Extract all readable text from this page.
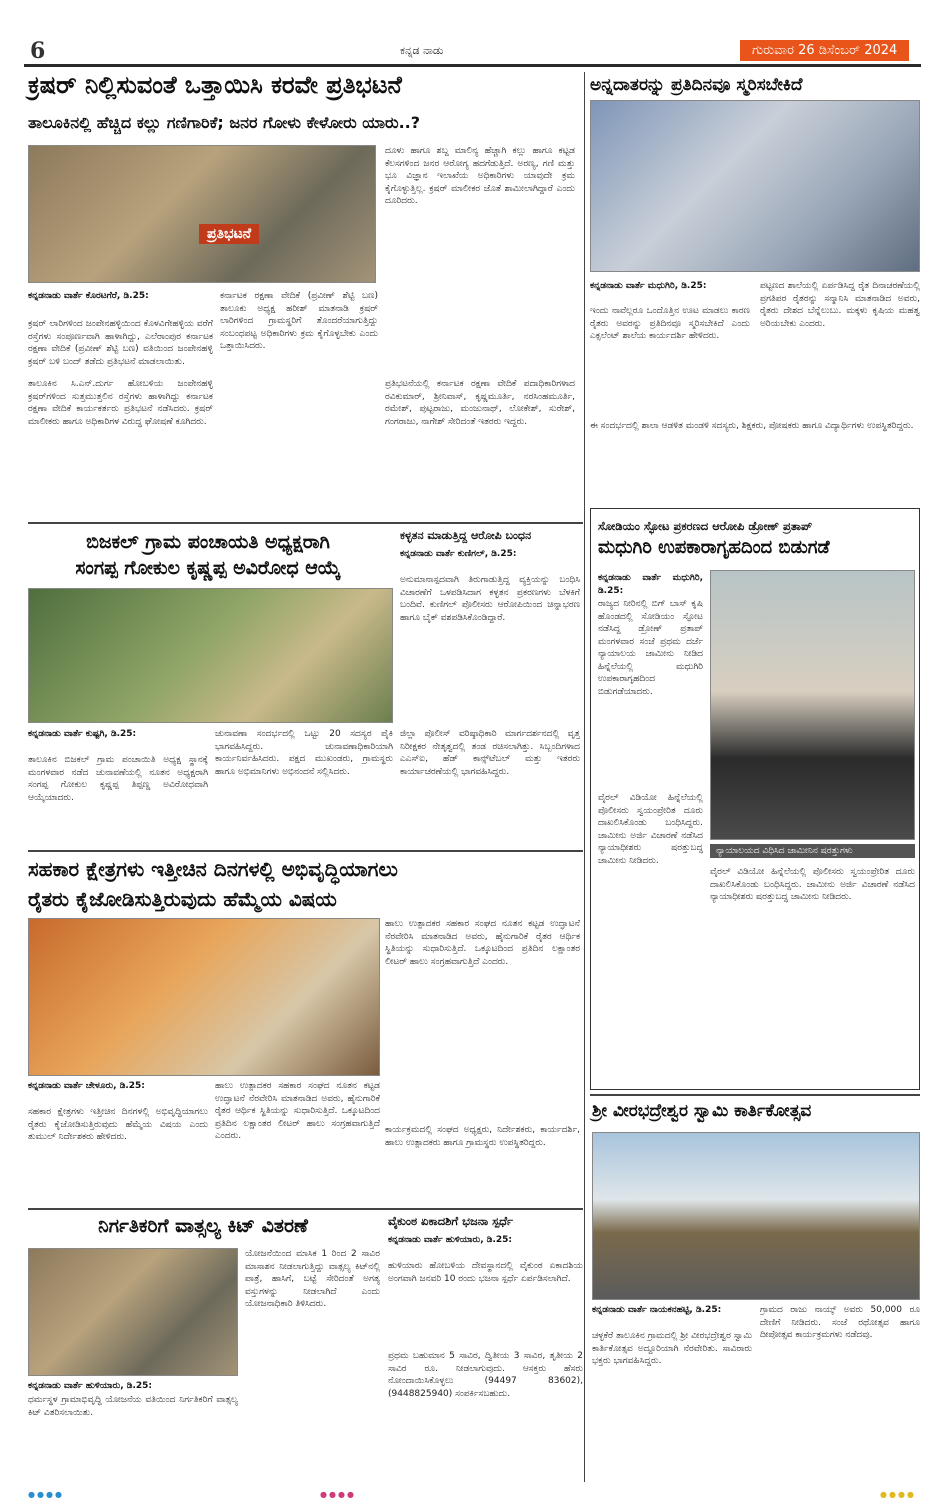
6	ಕನ್ನಡ ನಾಡು	ಗುರುವಾರ 26 ಡಿಸೆಂಬರ್ 2024
ಕ್ರಷರ್ ನಿಲ್ಲಿಸುವಂತೆ ಒತ್ತಾಯಿಸಿ ಕರವೇ ಪ್ರತಿಭಟನೆ
ತಾಲೂಕಿನಲ್ಲಿ ಹೆಚ್ಚಿದ ಕಲ್ಲು ಗಣಿಗಾರಿಕೆ; ಜನರ ಗೋಳು ಕೇಳೋರು ಯಾರು..?
ಪ್ರತಿಭಟನೆ
ದೂಳು ಹಾಗೂ ಶಬ್ದ ಮಾಲಿನ್ಯ ಹೆಚ್ಚಾಗಿ ಕಲ್ಲು ಹಾಗೂ ಕಟ್ಟಡ ಕೆಲಸಗಳಿಂದ ಜನರ ಆರೋಗ್ಯ ಹದಗೆಡುತ್ತಿದೆ. ಅರಣ್ಯ, ಗಣಿ ಮತ್ತು ಭೂ ವಿಜ್ಞಾನ ಇಲಾಖೆಯ ಅಧಿಕಾರಿಗಳು ಯಾವುದೇ ಕ್ರಮ ಕೈಗೊಳ್ಳುತ್ತಿಲ್ಲ. ಕ್ರಷರ್ ಮಾಲೀಕರ ಜೊತೆ ಶಾಮೀಲಾಗಿದ್ದಾರೆ ಎಂದು ದೂರಿದರು.
ಕನ್ನಡನಾಡು ವಾರ್ತೆ ಕೊರಟಗೆರೆ, ಡಿ.25:
ಕ್ರಷರ್ ಲಾರಿಗಳಿಂದ ಜಂಪೇನಹಳ್ಳಿಯಿಂದ ಕೊಳವಿಗೇಹಳ್ಳಿಯ ವರೆಗೆ ರಸ್ತೆಗಳು ಸಂಪೂರ್ಣವಾಗಿ ಹಾಳಾಗಿದ್ದು, ಎಲೆರಾಂಪುರ ಕರ್ನಾಟಕ ರಕ್ಷಣಾ ವೇದಿಕೆ (ಪ್ರವೀಣ್ ಶೆಟ್ಟಿ ಬಣ) ವತಿಯಿಂದ ಜಂಪೇನಹಳ್ಳಿ ಕ್ರಷರ್ ಬಳಿ ಬಂದ್ ತಡೆದು ಪ್ರತಿಭಟನೆ ಮಾಡಲಾಯಿತು.
ತಾಲೂಕಿನ ಸಿ.ಎನ್.ದುರ್ಗ ಹೋಬಳಿಯ ಜಂಪೇನಹಳ್ಳಿ ಕ್ರಷರ್‌ಗಳಿಂದ ಸುತ್ತಮುತ್ತಲಿನ ರಸ್ತೆಗಳು ಹಾಳಾಗಿದ್ದು ಕರ್ನಾಟಕ ರಕ್ಷಣಾ ವೇದಿಕೆ ಕಾರ್ಯಕರ್ತರು ಪ್ರತಿಭಟನೆ ನಡೆಸಿದರು. ಕ್ರಷರ್ ಮಾಲೀಕರು ಹಾಗೂ ಅಧಿಕಾರಿಗಳ ವಿರುದ್ಧ ಘೋಷಣೆ ಕೂಗಿದರು.
ಕರ್ನಾಟಕ ರಕ್ಷಣಾ ವೇದಿಕೆ (ಪ್ರವೀಣ್ ಶೆಟ್ಟಿ ಬಣ) ತಾಲೂಕು ಅಧ್ಯಕ್ಷ ಹರೀಶ್ ಮಾತನಾಡಿ ಕ್ರಷರ್ ಲಾರಿಗಳಿಂದ ಗ್ರಾಮಸ್ಥರಿಗೆ ತೊಂದರೆಯಾಗುತ್ತಿದ್ದು ಸಂಬಂಧಪಟ್ಟ ಅಧಿಕಾರಿಗಳು ಕ್ರಮ ಕೈಗೊಳ್ಳಬೇಕು ಎಂದು ಒತ್ತಾಯಿಸಿದರು.
ಪ್ರತಿಭಟನೆಯಲ್ಲಿ ಕರ್ನಾಟಕ ರಕ್ಷಣಾ ವೇದಿಕೆ ಪದಾಧಿಕಾರಿಗಳಾದ ರವಿಕುಮಾರ್, ಶ್ರೀನಿವಾಸ್, ಕೃಷ್ಣಮೂರ್ತಿ, ನರಸಿಂಹಮೂರ್ತಿ, ರಮೇಶ್, ಪುಟ್ಟರಾಜು, ಮಂಜುನಾಥ್, ಲೋಕೇಶ್, ಸುರೇಶ್, ಗಂಗರಾಜು, ನಾಗೇಶ್ ಸೇರಿದಂತೆ ಇತರರು ಇದ್ದರು.
ಅನ್ನದಾತರನ್ನು ಪ್ರತಿದಿನವೂ ಸ್ಮರಿಸಬೇಕಿದೆ
ಕನ್ನಡನಾಡು ವಾರ್ತೆ ಮಧುಗಿರಿ, ಡಿ.25:
ಇಂದು ನಾವೆಲ್ಲರೂ ಒಂದೊತ್ತಿನ ಊಟ ಮಾಡಲು ಕಾರಣ ರೈತರು ಅವರನ್ನು ಪ್ರತಿದಿನವೂ ಸ್ಮರಿಸಬೇಕಿದೆ ಎಂದು ಎಕ್ಸಲೆಂಟ್ ಶಾಲೆಯ ಕಾರ್ಯದರ್ಶಿ ಹೇಳಿದರು.
ಪಟ್ಟಣದ ಶಾಲೆಯಲ್ಲಿ ಏರ್ಪಡಿಸಿದ್ದ ರೈತ ದಿನಾಚರಣೆಯಲ್ಲಿ ಪ್ರಗತಿಪರ ರೈತರನ್ನು ಸನ್ಮಾನಿಸಿ ಮಾತನಾಡಿದ ಅವರು, ರೈತರು ದೇಶದ ಬೆನ್ನೆಲುಬು. ಮಕ್ಕಳು ಕೃಷಿಯ ಮಹತ್ವ ಅರಿಯಬೇಕು ಎಂದರು.
ಈ ಸಂದರ್ಭದಲ್ಲಿ ಶಾಲಾ ಆಡಳಿತ ಮಂಡಳಿ ಸದಸ್ಯರು, ಶಿಕ್ಷಕರು, ಪೋಷಕರು ಹಾಗೂ ವಿದ್ಯಾರ್ಥಿಗಳು ಉಪಸ್ಥಿತರಿದ್ದರು.
ಬಿಜಕಲ್ ಗ್ರಾಮ ಪಂಚಾಯತಿ ಅಧ್ಯಕ್ಷರಾಗಿ
ಸಂಗಪ್ಪ ಗೋಕುಲ ಕೃಷ್ಣಪ್ಪ ಅವಿರೋಧ ಆಯ್ಕೆ
ಕನ್ನಡನಾಡು ವಾರ್ತೆ ಕುಷ್ಟಗಿ, ಡಿ.25:
ತಾಲೂಕಿನ ಬಿಜಕಲ್ ಗ್ರಾಮ ಪಂಚಾಯಿತಿ ಅಧ್ಯಕ್ಷ ಸ್ಥಾನಕ್ಕೆ ಮಂಗಳವಾರ ನಡೆದ ಚುನಾವಣೆಯಲ್ಲಿ ನೂತನ ಅಧ್ಯಕ್ಷರಾಗಿ ಸಂಗಪ್ಪ ಗೋಕುಲ ಕೃಷ್ಣಪ್ಪ ತಿಪ್ಪಣ್ಣ ಅವಿರೋಧವಾಗಿ ಆಯ್ಕೆಯಾದರು.
ಚುನಾವಣಾ ಸಂದರ್ಭದಲ್ಲಿ ಒಟ್ಟು 20 ಸದಸ್ಯರ ಪೈಕಿ ಭಾಗವಹಿಸಿದ್ದರು. ಚುನಾವಣಾಧಿಕಾರಿಯಾಗಿ ಕಾರ್ಯನಿರ್ವಹಿಸಿದರು. ಪಕ್ಷದ ಮುಖಂಡರು, ಗ್ರಾಮಸ್ಥರು ಹಾಗೂ ಅಭಿಮಾನಿಗಳು ಅಭಿನಂದನೆ ಸಲ್ಲಿಸಿದರು.
ಕಳ್ಳತನ ಮಾಡುತ್ತಿದ್ದ ಆರೋಪಿ ಬಂಧನ
ಕನ್ನಡನಾಡು ವಾರ್ತೆ ಕುಣಿಗಲ್, ಡಿ.25:
ಅನುಮಾನಾಸ್ಪದವಾಗಿ ತಿರುಗಾಡುತ್ತಿದ್ದ ವ್ಯಕ್ತಿಯನ್ನು ಬಂಧಿಸಿ ವಿಚಾರಣೆಗೆ ಒಳಪಡಿಸಿದಾಗ ಕಳ್ಳತನ ಪ್ರಕರಣಗಳು ಬೆಳಕಿಗೆ ಬಂದಿವೆ. ಕುಣಿಗಲ್ ಪೊಲೀಸರು ಆರೋಪಿಯಿಂದ ಚಿನ್ನಾಭರಣ ಹಾಗೂ ಬೈಕ್ ವಶಪಡಿಸಿಕೊಂಡಿದ್ದಾರೆ.
ಜಿಲ್ಲಾ ಪೊಲೀಸ್ ವರಿಷ್ಠಾಧಿಕಾರಿ ಮಾರ್ಗದರ್ಶನದಲ್ಲಿ ವೃತ್ತ ನಿರೀಕ್ಷಕರ ನೇತೃತ್ವದಲ್ಲಿ ತಂಡ ರಚಿಸಲಾಗಿತ್ತು. ಸಿಬ್ಬಂದಿಗಳಾದ ಎಎಸ್ಐ, ಹೆಡ್ ಕಾನ್ಸ್‌ಟೆಬಲ್ ಮತ್ತು ಇತರರು ಕಾರ್ಯಾಚರಣೆಯಲ್ಲಿ ಭಾಗವಹಿಸಿದ್ದರು.
ಸೋಡಿಯಂ ಸ್ಫೋಟ ಪ್ರಕರಣದ ಆರೋಪಿ ಡ್ರೋಣ್ ಪ್ರತಾಪ್
ಮಧುಗಿರಿ ಉಪಕಾರಾಗೃಹದಿಂದ ಬಿಡುಗಡೆ
ಕನ್ನಡನಾಡು ವಾರ್ತೆ ಮಧುಗಿರಿ, ಡಿ.25:
ರಾಜ್ಯದ ನೀರಿನಲ್ಲಿ ಬಿಗ್ ಬಾಸ್ ಕೃಷಿ ಹೊಂಡದಲ್ಲಿ ಸೋಡಿಯಂ ಸ್ಫೋಟ ನಡೆಸಿದ್ದ ಡ್ರೋಣ್ ಪ್ರತಾಪ್ ಮಂಗಳವಾರ ಸಂಜೆ ಪ್ರಥಮ ದರ್ಜೆ ನ್ಯಾಯಾಲಯ ಜಾಮೀನು ನೀಡಿದ ಹಿನ್ನೆಲೆಯಲ್ಲಿ ಮಧುಗಿರಿ ಉಪಕಾರಾಗೃಹದಿಂದ ಬಿಡುಗಡೆಯಾದರು.
ವೈರಲ್ ವಿಡಿಯೋ ಹಿನ್ನೆಲೆಯಲ್ಲಿ ಪೊಲೀಸರು ಸ್ವಯಂಪ್ರೇರಿತ ದೂರು ದಾಖಲಿಸಿಕೊಂಡು ಬಂಧಿಸಿದ್ದರು. ಜಾಮೀನು ಅರ್ಜಿ ವಿಚಾರಣೆ ನಡೆಸಿದ ನ್ಯಾಯಾಧೀಶರು ಷರತ್ತುಬದ್ಧ ಜಾಮೀನು ನೀಡಿದರು.
ನ್ಯಾಯಾಲಯದ ವಿಧಿಸಿದ ಜಾಮೀನಿನ ಷರತ್ತುಗಳು
ವೈರಲ್ ವಿಡಿಯೋ ಹಿನ್ನೆಲೆಯಲ್ಲಿ ಪೊಲೀಸರು ಸ್ವಯಂಪ್ರೇರಿತ ದೂರು ದಾಖಲಿಸಿಕೊಂಡು ಬಂಧಿಸಿದ್ದರು. ಜಾಮೀನು ಅರ್ಜಿ ವಿಚಾರಣೆ ನಡೆಸಿದ ನ್ಯಾಯಾಧೀಶರು ಷರತ್ತುಬದ್ಧ ಜಾಮೀನು ನೀಡಿದರು.
ಸಹಕಾರ ಕ್ಷೇತ್ರಗಳು ಇತ್ತೀಚಿನ ದಿನಗಳಲ್ಲಿ ಅಭಿವೃದ್ಧಿಯಾಗಲು
ರೈತರು ಕೈಜೋಡಿಸುತ್ತಿರುವುದು ಹೆಮ್ಮೆಯ ವಿಷಯ
ಕನ್ನಡನಾಡು ವಾರ್ತೆ ಚೇಳೂರು, ಡಿ.25:
ಸಹಕಾರ ಕ್ಷೇತ್ರಗಳು ಇತ್ತೀಚಿನ ದಿನಗಳಲ್ಲಿ ಅಭಿವೃದ್ಧಿಯಾಗಲು ರೈತರು ಕೈಜೋಡಿಸುತ್ತಿರುವುದು ಹೆಮ್ಮೆಯ ವಿಷಯ ಎಂದು ತುಮುಲ್ ನಿರ್ದೇಶಕರು ಹೇಳಿದರು.
ಹಾಲು ಉತ್ಪಾದಕರ ಸಹಕಾರ ಸಂಘದ ನೂತನ ಕಟ್ಟಡ ಉದ್ಘಾಟನೆ ನೆರವೇರಿಸಿ ಮಾತನಾಡಿದ ಅವರು, ಹೈನುಗಾರಿಕೆ ರೈತರ ಆರ್ಥಿಕ ಸ್ಥಿತಿಯನ್ನು ಸುಧಾರಿಸುತ್ತಿದೆ. ಒಕ್ಕೂಟದಿಂದ ಪ್ರತಿದಿನ ಲಕ್ಷಾಂತರ ಲೀಟರ್ ಹಾಲು ಸಂಗ್ರಹವಾಗುತ್ತಿದೆ ಎಂದರು.
ಹಾಲು ಉತ್ಪಾದಕರ ಸಹಕಾರ ಸಂಘದ ನೂತನ ಕಟ್ಟಡ ಉದ್ಘಾಟನೆ ನೆರವೇರಿಸಿ ಮಾತನಾಡಿದ ಅವರು, ಹೈನುಗಾರಿಕೆ ರೈತರ ಆರ್ಥಿಕ ಸ್ಥಿತಿಯನ್ನು ಸುಧಾರಿಸುತ್ತಿದೆ. ಒಕ್ಕೂಟದಿಂದ ಪ್ರತಿದಿನ ಲಕ್ಷಾಂತರ ಲೀಟರ್ ಹಾಲು ಸಂಗ್ರಹವಾಗುತ್ತಿದೆ ಎಂದರು.
ಕಾರ್ಯಕ್ರಮದಲ್ಲಿ ಸಂಘದ ಅಧ್ಯಕ್ಷರು, ನಿರ್ದೇಶಕರು, ಕಾರ್ಯದರ್ಶಿ, ಹಾಲು ಉತ್ಪಾದಕರು ಹಾಗೂ ಗ್ರಾಮಸ್ಥರು ಉಪಸ್ಥಿತರಿದ್ದರು.
ನಿರ್ಗತಿಕರಿಗೆ ವಾತ್ಸಲ್ಯ ಕಿಟ್ ವಿತರಣೆ
ಕನ್ನಡನಾಡು ವಾರ್ತೆ ಹುಳಿಯಾರು, ಡಿ.25:
ಧರ್ಮಸ್ಥಳ ಗ್ರಾಮಾಭಿವೃದ್ಧಿ ಯೋಜನೆಯ ವತಿಯಿಂದ ನಿರ್ಗತಿಕರಿಗೆ ವಾತ್ಸಲ್ಯ ಕಿಟ್ ವಿತರಿಸಲಾಯಿತು.
ಯೋಜನೆಯಿಂದ ಮಾಸಿಕ 1 ರಿಂದ 2 ಸಾವಿರ ಮಾಸಾಶನ ನೀಡಲಾಗುತ್ತಿದ್ದು ವಾತ್ಸಲ್ಯ ಕಿಟ್‌ನಲ್ಲಿ ಪಾತ್ರೆ, ಹಾಸಿಗೆ, ಬಟ್ಟೆ ಸೇರಿದಂತೆ ಅಗತ್ಯ ವಸ್ತುಗಳನ್ನು ನೀಡಲಾಗಿದೆ ಎಂದು ಯೋಜನಾಧಿಕಾರಿ ತಿಳಿಸಿದರು.
ವೈಕುಂಠ ಏಕಾದಶಿಗೆ ಭಜನಾ ಸ್ಪರ್ಧೆ
ಕನ್ನಡನಾಡು ವಾರ್ತೆ ಹುಳಿಯಾರು, ಡಿ.25:
ಹುಳಿಯಾರು ಹೋಬಳಿಯ ದೇವಸ್ಥಾನದಲ್ಲಿ ವೈಕುಂಠ ಏಕಾದಶಿಯ ಅಂಗವಾಗಿ ಜನವರಿ 10 ರಂದು ಭಜನಾ ಸ್ಪರ್ಧೆ ಏರ್ಪಡಿಸಲಾಗಿದೆ.
ಪ್ರಥಮ ಬಹುಮಾನ 5 ಸಾವಿರ, ದ್ವಿತೀಯ 3 ಸಾವಿರ, ತೃತೀಯ 2 ಸಾವಿರ ರೂ. ನೀಡಲಾಗುವುದು. ಆಸಕ್ತರು ಹೆಸರು ನೋಂದಾಯಿಸಿಕೊಳ್ಳಲು (94497 83602), (9448825940) ಸಂಪರ್ಕಿಸಬಹುದು.
ಶ್ರೀ ವೀರಭದ್ರೇಶ್ವರ ಸ್ವಾಮಿ ಕಾರ್ತಿಕೋತ್ಸವ
ಕನ್ನಡನಾಡು ವಾರ್ತೆ ನಾಯಕನಹಟ್ಟಿ, ಡಿ.25:
ಚಳ್ಳಕೆರೆ ತಾಲೂಕಿನ ಗ್ರಾಮದಲ್ಲಿ ಶ್ರೀ ವೀರಭದ್ರೇಶ್ವರ ಸ್ವಾಮಿ ಕಾರ್ತಿಕೋತ್ಸವ ಅದ್ದೂರಿಯಾಗಿ ನೆರವೇರಿತು. ಸಾವಿರಾರು ಭಕ್ತರು ಭಾಗವಹಿಸಿದ್ದರು.
ಗ್ರಾಮದ ರಾಜು ನಾಯ್ಕ್ ಅವರು 50,000 ರೂ ದೇಣಿಗೆ ನೀಡಿದರು. ಸಂಜೆ ರಥೋತ್ಸವ ಹಾಗೂ ದೀಪೋತ್ಸವ ಕಾರ್ಯಕ್ರಮಗಳು ನಡೆದವು.
●●●●	●●●●	●●●●
